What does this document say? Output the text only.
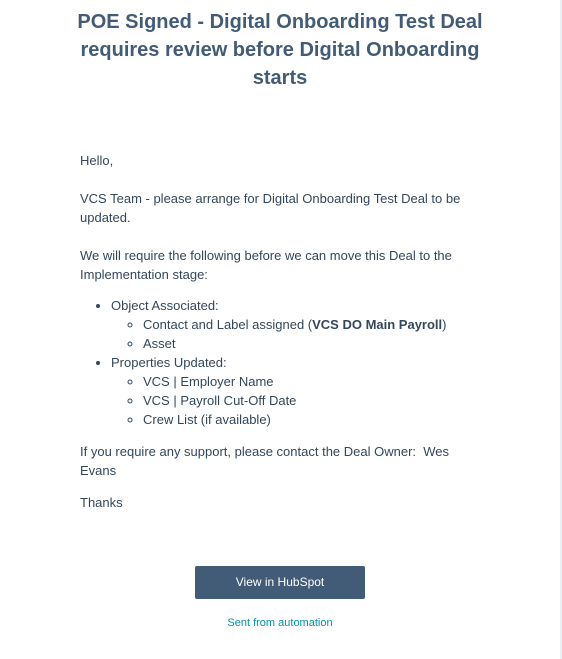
POE Signed - Digital Onboarding Test Deal requires review before Digital Onboarding starts

Hello,

VCS Team - please arrange for Digital Onboarding Test Deal to be updated.

We will require the following before we can move this Deal to the Implementation stage:

• Object Associated:
◦ Contact and Label assigned (VCS DO Main Payroll)
◦ Asset
• Properties Updated:
◦ VCS | Employer Name
◦ VCS | Payroll Cut-Off Date
◦ Crew List (if available)

If you require any support, please contact the Deal Owner: Wes Evans

Thanks

View in HubSpot
Sent from automation
